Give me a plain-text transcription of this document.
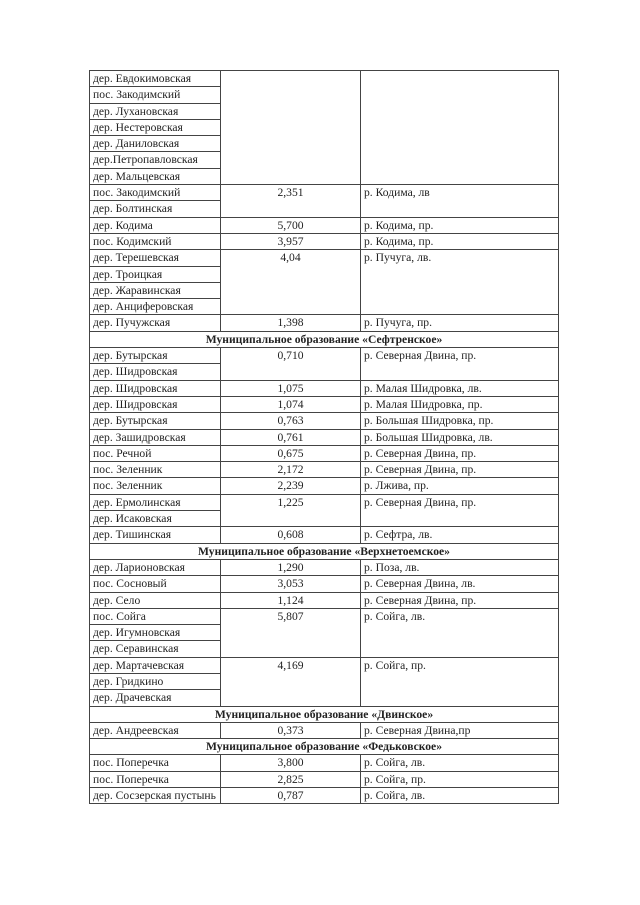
дер. Евдокимовская		
пос. Закодимский		
дер. Лухановская		
дер. Нестеровская		
дер. Даниловская		
дер.Петропавловская		
дер. Мальцевская		
пос. Закодимский	2,351	р. Кодима, лв
дер. Болтинская		
дер. Кодима	5,700	р. Кодима, пр.
пос. Кодимский	3,957	р. Кодима, пр.
дер. Терешевская	4,04	р. Пучуга, лв.
дер. Троицкая		
дер. Жаравинская		
дер. Анциферовская		
дер. Пучужская	1,398	р. Пучуга, пр.
Муниципальное образование «Сефтренское»		
дер. Бутырская	0,710	р. Северная Двина, пр.
дер. Шидровская		
дер. Шидровская	1,075	р. Малая Шидровка, лв.
дер. Шидровская	1,074	р. Малая Шидровка, пр.
дер. Бутырская	0,763	р. Большая Шидровка, пр.
дер. Зашидровская	0,761	р. Большая Шидровка, лв.
пос. Речной	0,675	р. Северная Двина, пр.
пос. Зеленник	2,172	р. Северная Двина, пр.
пос. Зеленник	2,239	р. Лжива, пр.
дер. Ермолинская	1,225	р. Северная Двина, пр.
дер. Исаковская		
дер. Тишинская	0,608	р. Сефтра, лв.
Муниципальное образование «Верхнетоемское»		
дер. Ларионовская	1,290	р. Поза, лв.
пос. Сосновый	3,053	р. Северная Двина, лв.
дер. Село	1,124	р. Северная Двина, пр.
пос. Сойга	5,807	р. Сойга, лв.
дер. Игумновская		
дер. Серавинская		
дер. Мартачевская	4,169	р. Сойга, пр.
дер. Гридкино		
дер. Драчевская		
Муниципальное образование «Двинское»		
дер. Андреевская	0,373	р. Северная Двина,пр
Муниципальное образование «Федьковское»		
пос. Поперечка	3,800	р. Сойга, лв.
пос. Поперечка	2,825	р. Сойга, пр.
дер. Сосзерская пустынь	0,787	р. Сойга, лв.
